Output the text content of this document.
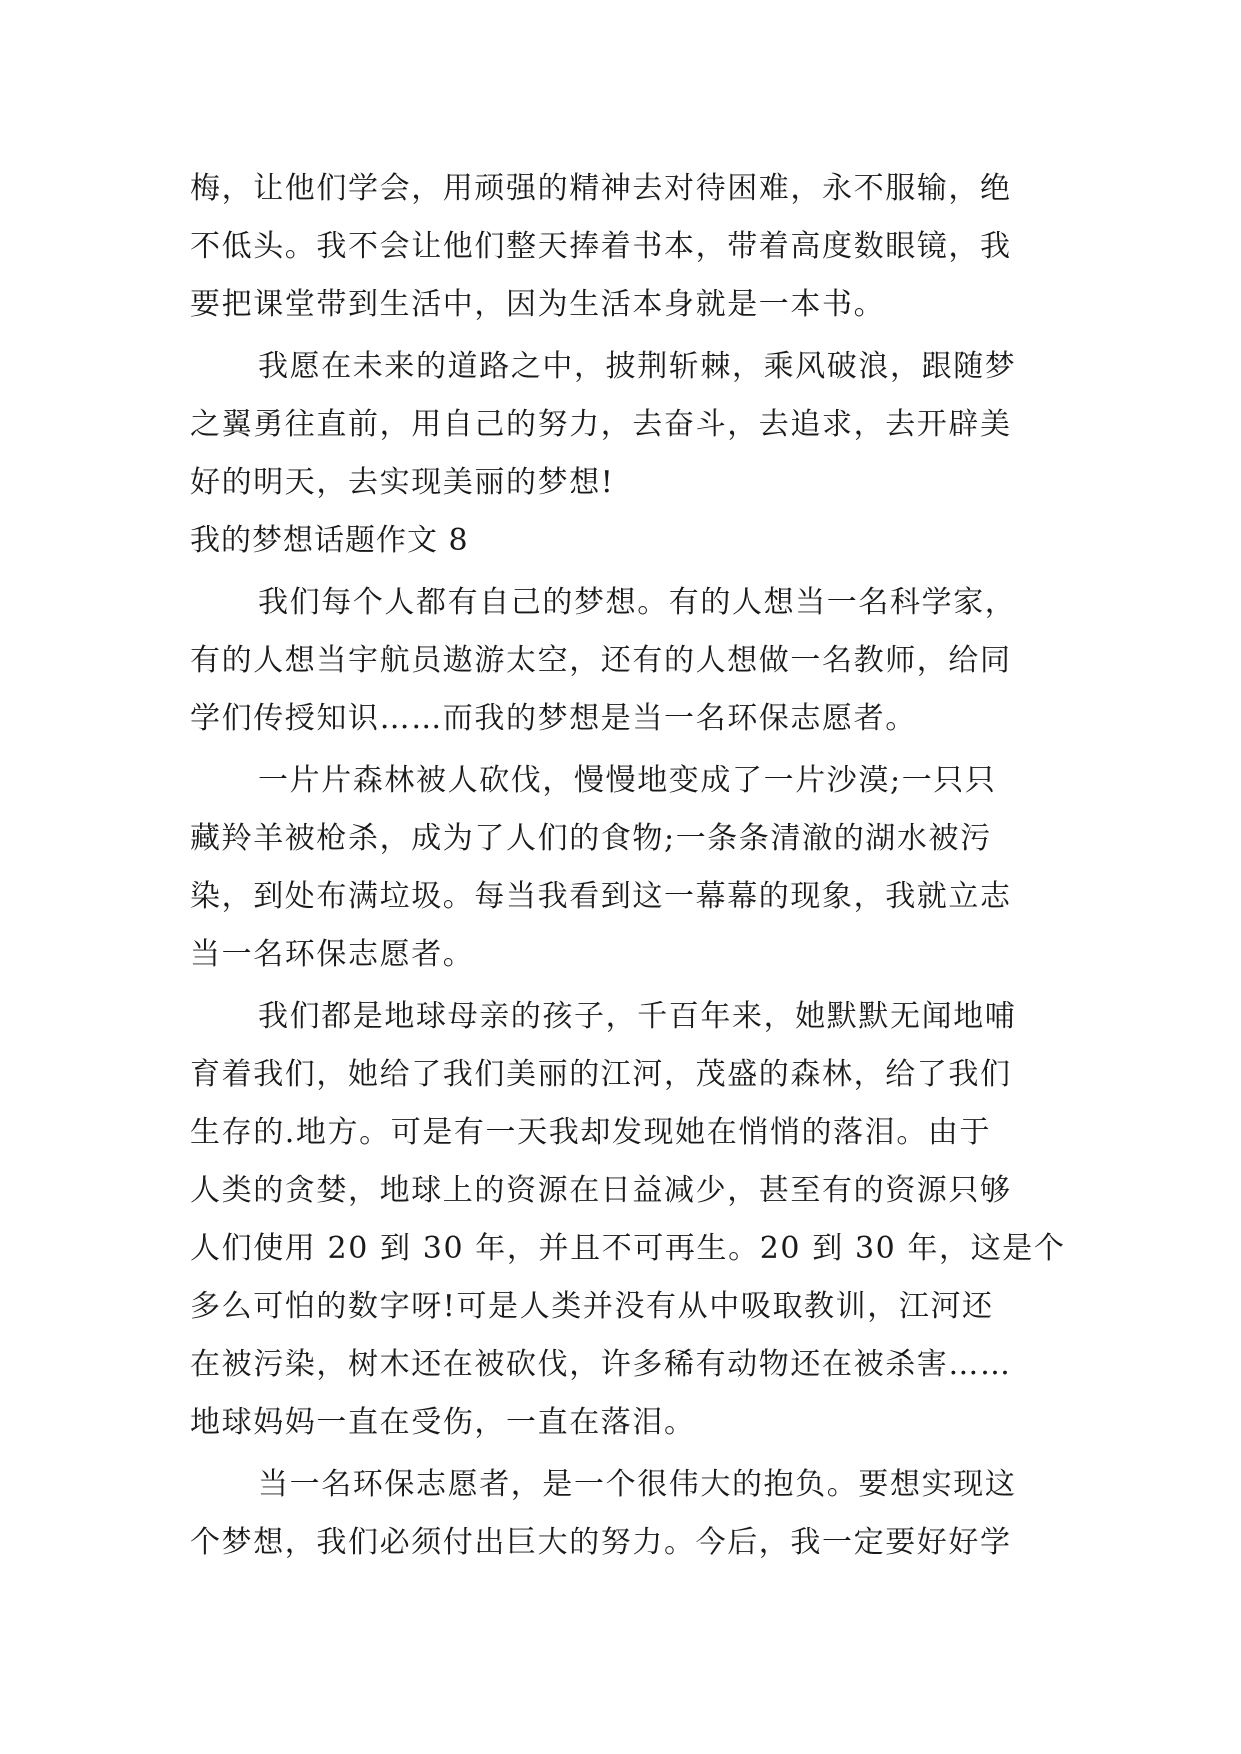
梅，让他们学会，用顽强的精神去对待困难，永不服输，绝
不低头。我不会让他们整天捧着书本，带着高度数眼镜，我
要把课堂带到生活中，因为生活本身就是一本书。
我愿在未来的道路之中，披荆斩棘，乘风破浪，跟随梦
之翼勇往直前，用自己的努力，去奋斗，去追求，去开辟美
好的明天，去实现美丽的梦想!
我的梦想话题作文 8
我们每个人都有自己的梦想。有的人想当一名科学家，
有的人想当宇航员遨游太空，还有的人想做一名教师，给同
学们传授知识……而我的梦想是当一名环保志愿者。
一片片森林被人砍伐，慢慢地变成了一片沙漠;一只只
藏羚羊被枪杀，成为了人们的食物;一条条清澈的湖水被污
染，到处布满垃圾。每当我看到这一幕幕的现象，我就立志
当一名环保志愿者。
我们都是地球母亲的孩子，千百年来，她默默无闻地哺
育着我们，她给了我们美丽的江河，茂盛的森林，给了我们
生存的.地方。可是有一天我却发现她在悄悄的落泪。由于
人类的贪婪，地球上的资源在日益减少，甚至有的资源只够
人们使用 20 到 30 年，并且不可再生。20 到 30 年，这是个
多么可怕的数字呀!可是人类并没有从中吸取教训，江河还
在被污染，树木还在被砍伐，许多稀有动物还在被杀害……
地球妈妈一直在受伤，一直在落泪。
当一名环保志愿者，是一个很伟大的抱负。要想实现这
个梦想，我们必须付出巨大的努力。今后，我一定要好好学
